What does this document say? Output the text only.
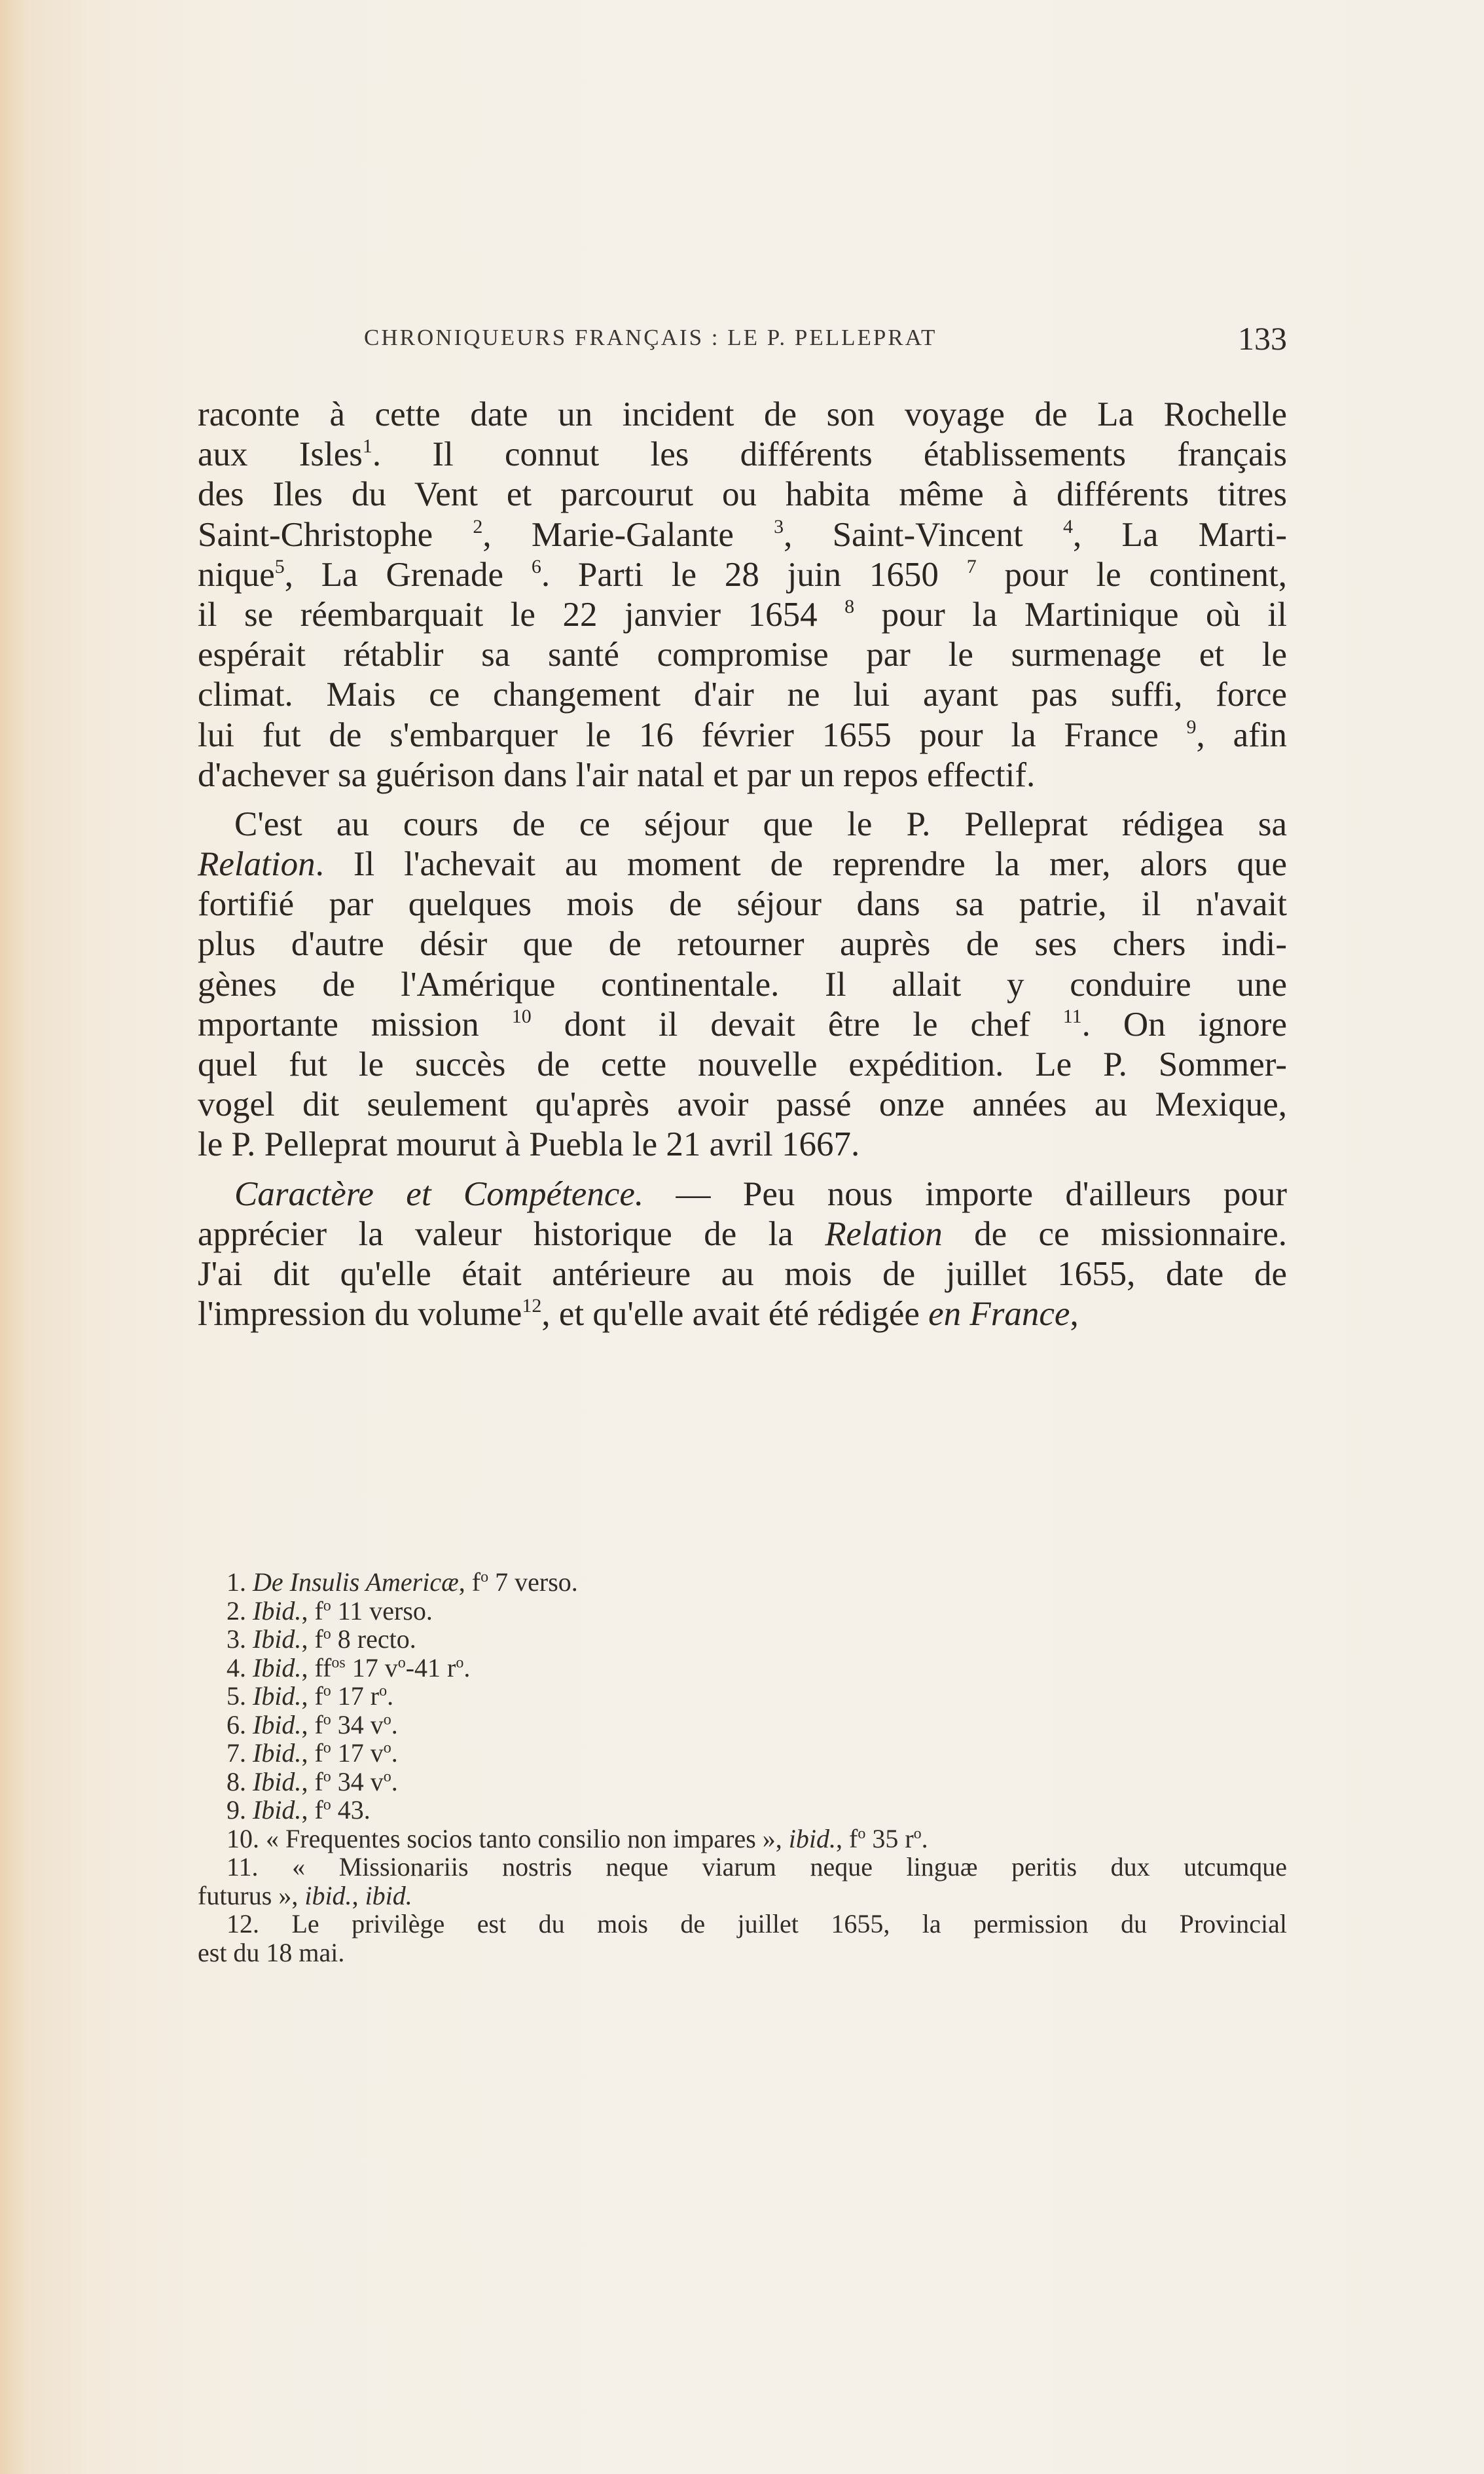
CHRONIQUEURS FRANÇAIS : LE P. PELLEPRAT	133
raconte à cette date un incident de son voyage de La Rochelle
aux Isles$^1$. Il connut les différents établissements français
des Iles du Vent et parcourut ou habita même à différents titres
Saint-Christophe $^2$, Marie-Galante $^3$, Saint-Vincent $^4$, La Marti-
nique$^5$, La Grenade $^6$. Parti le 28 juin 1650 $^7$ pour le continent,
il se réembarquait le 22 janvier 1654 $^8$ pour la Martinique où il
espérait rétablir sa santé compromise par le surmenage et le
climat. Mais ce changement d'air ne lui ayant pas suffi, force
lui fut de s'embarquer le 16 février 1655 pour la France $^9$, afin
d'achever sa guérison dans l'air natal et par un repos effectif.
C'est au cours de ce séjour que le P. Pelleprat rédigea sa
Relation. Il l'achevait au moment de reprendre la mer, alors que
fortifié par quelques mois de séjour dans sa patrie, il n'avait
plus d'autre désir que de retourner auprès de ses chers indi-
gènes de l'Amérique continentale. Il allait y conduire une
mportante mission $^{10}$ dont il devait être le chef $^{11}$. On ignore
quel fut le succès de cette nouvelle expédition. Le P. Sommer-
vogel dit seulement qu'après avoir passé onze années au Mexique,
le P. Pelleprat mourut à Puebla le 21 avril 1667.
Caractère et Compétence. — Peu nous importe d'ailleurs pour
apprécier la valeur historique de la Relation de ce missionnaire.
J'ai dit qu'elle était antérieure au mois de juillet 1655, date de
l'impression du volume$^{12}$, et qu'elle avait été rédigée en France,
1. De Insulis Americæ, f$^o$ 7 verso.
2. Ibid., f$^o$ 11 verso.
3. Ibid., f$^o$ 8 recto.
4. Ibid., ff$^{os}$ 17 v$^o$-41 r$^o$.
5. Ibid., f$^o$ 17 r$^o$.
6. Ibid., f$^o$ 34 v$^o$.
7. Ibid., f$^o$ 17 v$^o$.
8. Ibid., f$^o$ 34 v$^o$.
9. Ibid., f$^o$ 43.
10. « Frequentes socios tanto consilio non impares », ibid., f$^o$ 35 r$^o$.
11. « Missionariis nostris neque viarum neque linguæ peritis dux utcumque
futurus », ibid., ibid.
12. Le privilège est du mois de juillet 1655, la permission du Provincial
est du 18 mai.
